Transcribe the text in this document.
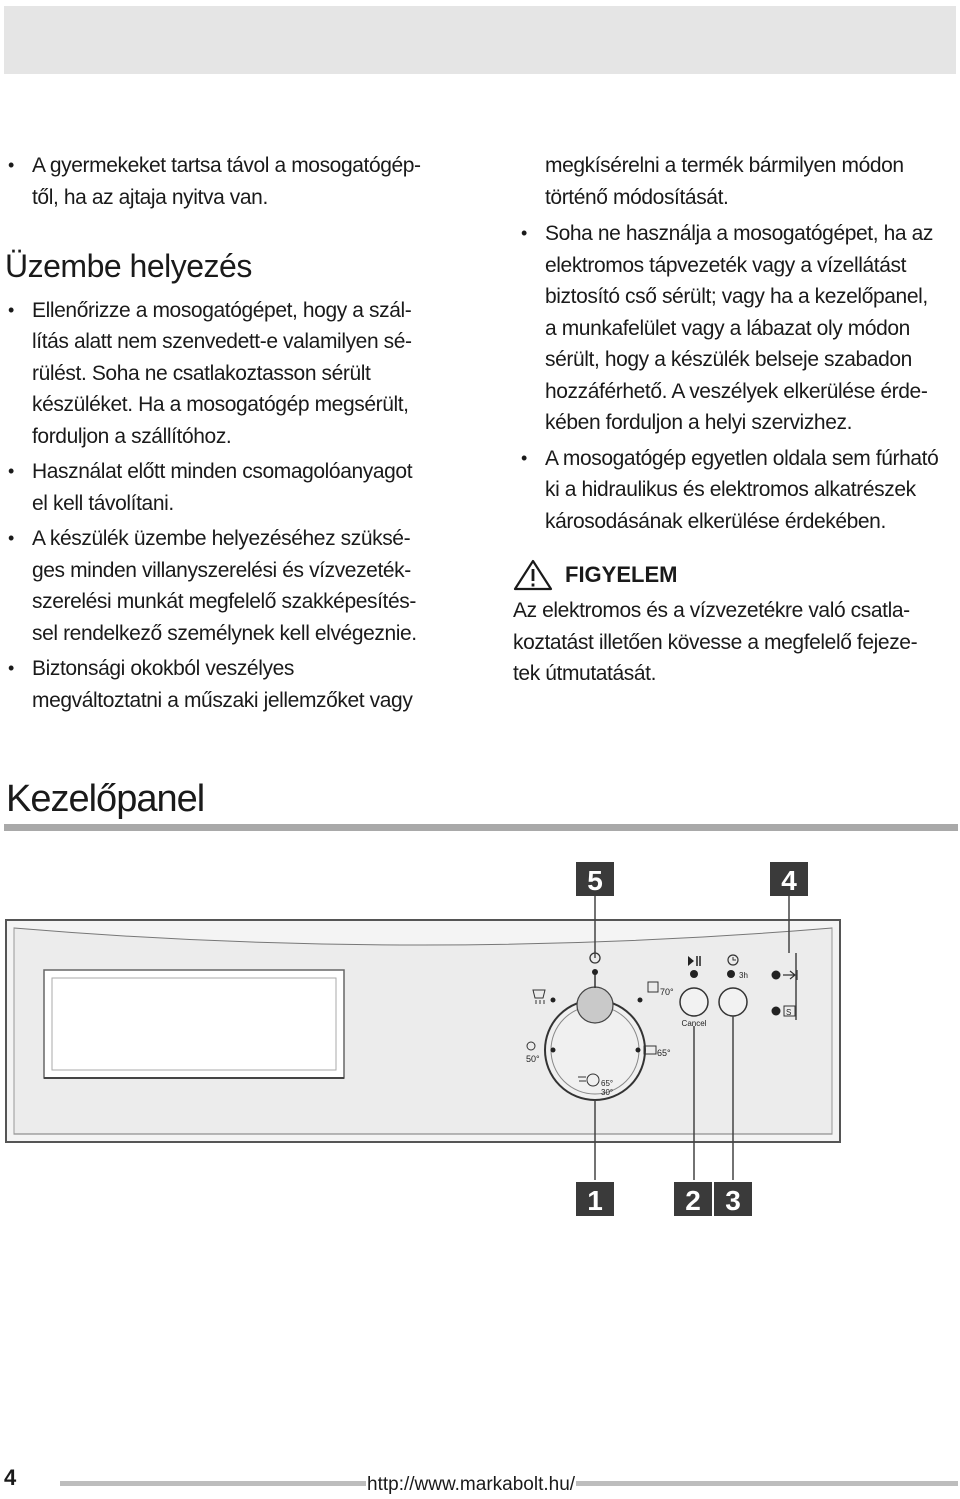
• A gyermekeket tartsa távol a mosogatógép-
től, ha az ajtaja nyitva van.
Üzembe helyezés
• Ellenőrizze a mosogatógépet, hogy a szál-
lítás alatt nem szenvedett-e valamilyen sé-
rülést. Soha ne csatlakoztasson sérült
készüléket. Ha a mosogatógép megsérült,
forduljon a szállítóhoz.
• Használat előtt minden csomagolóanyagot
el kell távolítani.
• A készülék üzembe helyezéséhez szüksé-
ges minden villanyszerelési és vízvezeték-
szerelési munkát megfelelő szakképesítés-
sel rendelkező személynek kell elvégeznie.
• Biztonsági okokból veszélyes
megváltoztatni a műszaki jellemzőket vagy
megkísérelni a termék bármilyen módon
történő módosítását.
• Soha ne használja a mosogatógépet, ha az
elektromos tápvezeték vagy a vízellátást
biztosító cső sérült; vagy ha a kezelőpanel,
a munkafelület vagy a lábazat oly módon
sérült, hogy a készülék belseje szabadon
hozzáférhető. A veszélyek elkerülése érde-
kében forduljon a helyi szervizhez.
• A mosogatógép egyetlen oldala sem fúrható
ki a hidraulikus és elektromos alkatrészek
károsodásának elkerülése érdekében.
FIGYELEM
Az elektromos és a vízvezetékre való csatla-
koztatást illetően kövesse a megfelelő fejeze-
tek útmutatását.
Kezelőpanel
5	4
70°
65°
50°
65°
30°
Cancel
3h
S
1	2 3
4	http://www.markabolt.hu/
